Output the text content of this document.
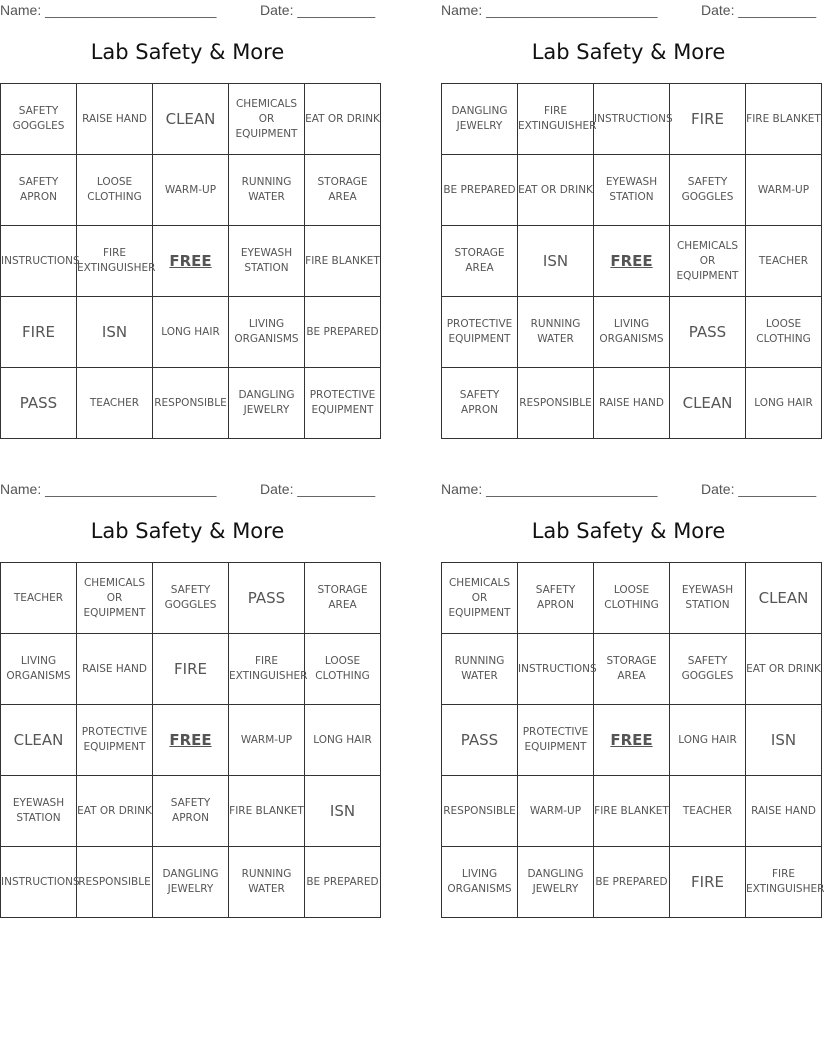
Name: ______________________	Date: __________
Lab Safety & More
SAFETY GOGGLES	RAISE HAND	CLEAN	CHEMICALS OR EQUIPMENT	EAT OR DRINK
SAFETY APRON	LOOSE CLOTHING	WARM-UP	RUNNING WATER	STORAGE AREA
INSTRUCTIONS	FIRE EXTINGUISHER	FREE	EYEWASH STATION	FIRE BLANKET
FIRE	ISN	LONG HAIR	LIVING ORGANISMS	BE PREPARED
PASS	TEACHER	RESPONSIBLE	DANGLING JEWELRY	PROTECTIVE EQUIPMENT
Name: ______________________	Date: __________
Lab Safety & More
DANGLING JEWELRY	FIRE EXTINGUISHER	INSTRUCTIONS	FIRE	FIRE BLANKET
BE PREPARED	EAT OR DRINK	EYEWASH STATION	SAFETY GOGGLES	WARM-UP
STORAGE AREA	ISN	FREE	CHEMICALS OR EQUIPMENT	TEACHER
PROTECTIVE EQUIPMENT	RUNNING WATER	LIVING ORGANISMS	PASS	LOOSE CLOTHING
SAFETY APRON	RESPONSIBLE	RAISE HAND	CLEAN	LONG HAIR
Name: ______________________	Date: __________
Lab Safety & More
TEACHER	CHEMICALS OR EQUIPMENT	SAFETY GOGGLES	PASS	STORAGE AREA
LIVING ORGANISMS	RAISE HAND	FIRE	FIRE EXTINGUISHER	LOOSE CLOTHING
CLEAN	PROTECTIVE EQUIPMENT	FREE	WARM-UP	LONG HAIR
EYEWASH STATION	EAT OR DRINK	SAFETY APRON	FIRE BLANKET	ISN
INSTRUCTIONS	RESPONSIBLE	DANGLING JEWELRY	RUNNING WATER	BE PREPARED
Name: ______________________	Date: __________
Lab Safety & More
CHEMICALS OR EQUIPMENT	SAFETY APRON	LOOSE CLOTHING	EYEWASH STATION	CLEAN
RUNNING WATER	INSTRUCTIONS	STORAGE AREA	SAFETY GOGGLES	EAT OR DRINK
PASS	PROTECTIVE EQUIPMENT	FREE	LONG HAIR	ISN
RESPONSIBLE	WARM-UP	FIRE BLANKET	TEACHER	RAISE HAND
LIVING ORGANISMS	DANGLING JEWELRY	BE PREPARED	FIRE	FIRE EXTINGUISHER
